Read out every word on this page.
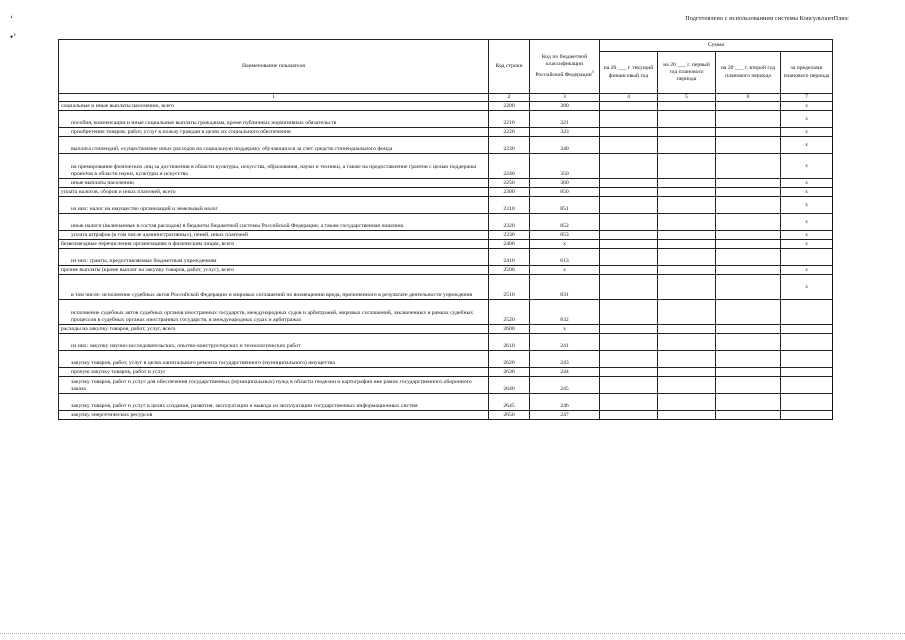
‘
•’
Подготовлено с использованием системы КонсультантПлюс
Наименование показателя	Код строки	Код по бюджетной классификации Российской Федерации$^3$	Сумма			
			на 20 ___ г. текущий финансовый год	на 20 ___ г. первый год планового периода	на 20 ___ г. второй год планового периода	за пределами планового периода
1	2	3	4	5	6	7
социальные и иные выплаты населению, всего	2200	300				x
пособия, компенсации и иные социальные выплаты гражданам, кроме публичных нормативных обязательств	2210	321				x
приобретение товаров, работ, услуг в пользу граждан в целях их социального обеспечения	2220	323				x
выплата стипендий, осуществление иных расходов на социальную поддержку обучающихся за счет средств стипендиального фонда	2230	340				x
на премирование физических лиц за достижения в области культуры, искусства, образования, науки и техники, а также на предоставление грантов с целью поддержки проектов в области науки, культуры и искусства	2240	350				x
иные выплаты населению	2250	360				x
уплата налогов, сборов и иных платежей, всего	2300	850				x
из них: налог на имущество организаций и земельный налог	2310	851				x
иные налоги (включаемые в состав расходов) в бюджеты бюджетной системы Российской Федерации, а также государственная пошлина	2320	852				x
уплата штрафов (в том числе административных), пеней, иных платежей	2330	853				x
безвозмездные перечисления организациям и физическим лицам, всего	2400	x				x
из них: гранты, предоставляемые бюджетным учреждениям	2410	613				
прочие выплаты (кроме выплат на закупку товаров, работ, услуг), всего	2500	x				x
в том числе: исполнение судебных актов Российской Федерации и мировых соглашений по возмещению вреда, причиненного в результате деятельности учреждения	2510	831				x
исполнение судебных актов судебных органов иностранных государств, международных судов и арбитражей, мировых соглашений, заключенных в рамках судебных процессов в судебных органах иностранных государств, в международных судах и арбитражах	2520	832				
расходы на закупку товаров, работ, услуг, всего	2600	x				
из них: закупку научно-исследовательских, опытно-конструкторских и технологических работ	2610	241				
закупку товаров, работ, услуг в целях капитального ремонта государственного (муниципального) имущества	2620	243				
прочую закупку товаров, работ и услуг	2630	244				
закупку товаров, работ и услуг для обеспечения государственных (муниципальных) нужд в области геодезии и картографии вне рамок государственного оборонного заказа	2640	245				
закупку товаров, работ и услуг в целях создания, развития, эксплуатации и вывода из эксплуатации государственных информационных систем	2645	246				
закупку энергетических ресурсов	2650	247				
